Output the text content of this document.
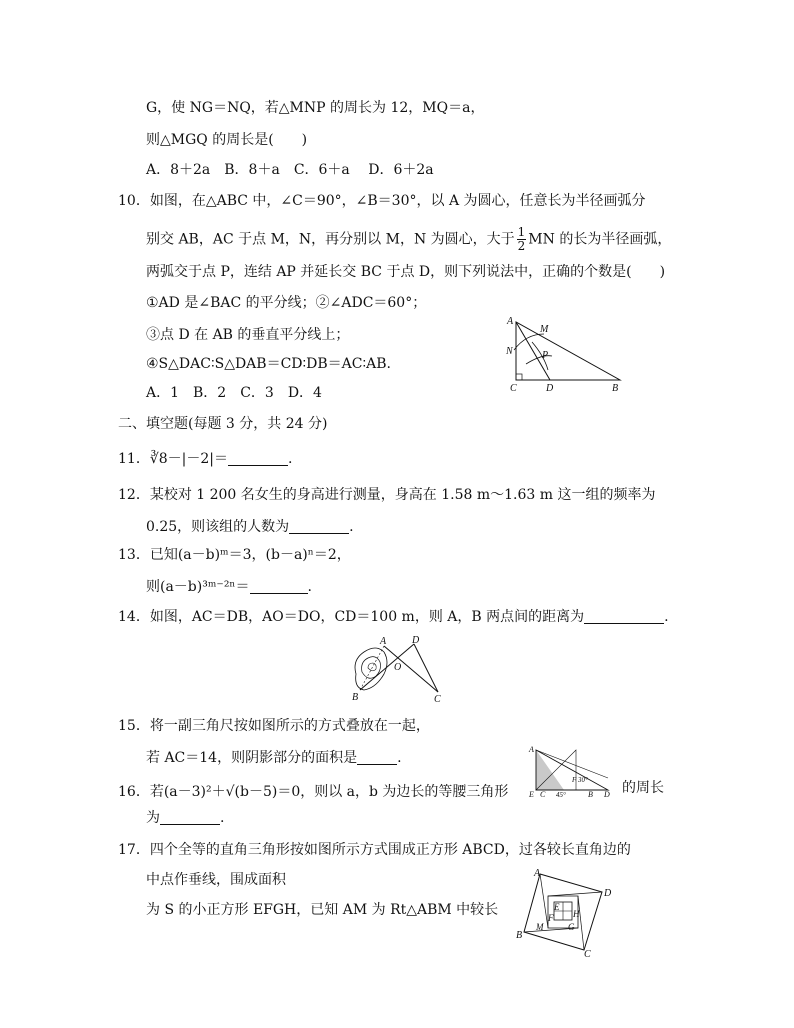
G，使 NG＝NQ，若△MNP 的周长为 12，MQ＝a，
则△MGQ 的周长是(　　)
A．8＋2a　B．8＋a　C．6＋a　 D．6＋2a
10．如图，在△ABC 中，∠C＝90°，∠B＝30°，以 A 为圆心，任意长为半径画弧分
别交 AB，AC 于点 M，N，再分别以 M，N 为圆心，大于 $\frac{1}{2}$ MN 的长为半径画弧，
两弧交于点 P，连结 AP 并延长交 BC 于点 D，则下列说法中，正确的个数是(　　)
①AD 是∠BAC 的平分线；②∠ADC＝60°；
③点 D 在 AB 的垂直平分线上；
④S△DAC∶S△DAB＝CD∶DB＝AC∶AB.
A．1　B．2　C．3　D．4
A
M
N	P
C	D	B
二、填空题(每题 3 分，共 24 分)
11．∛8－|－2|＝	.
12．某校对 1 200 名女生的身高进行测量，身高在 1.58 m～1.63 m 这一组的频率为
0.25，则该组的人数为	.
13．已知(a－b)ᵐ＝3，(b－a)ⁿ＝2，
则(a－b)³ᵐ⁻²ⁿ＝	.
14．如图，AC＝DB，AO＝DO，CD＝100 m，则 A，B 两点间的距离为	.
A	D
O
B	C
15．将一副三角尺按如图所示的方式叠放在一起，
若 AC＝14，则阴影部分的面积是	.
A
F 30°
E C 45°	B D
16．若(a－3)²＋√(b－5)＝0，则以 a，b 为边长的等腰三角形	的周长
为	.
17．四个全等的直角三角形按如图所示方式围成正方形 ABCD，过各较长直角边的
中点作垂线，围成面积
为 S 的小正方形 EFGH，已知 AM 为 Rt△ABM 中较长
A
D
E
H
F
B
M	G
C
